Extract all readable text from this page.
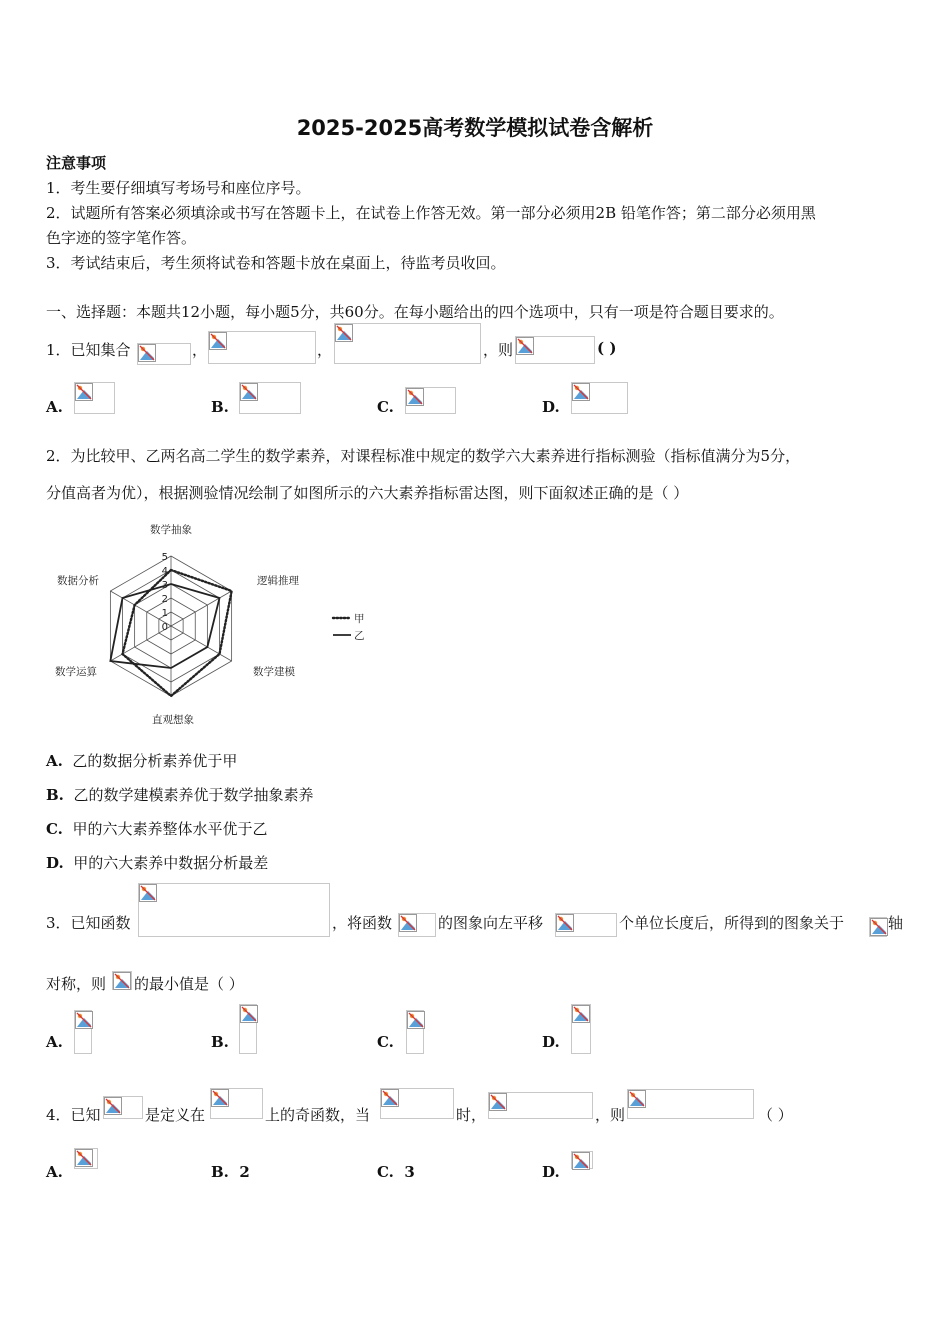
2025-2025高考数学模拟试卷含解析
注意事项
1．考生要仔细填写考场号和座位序号。
2．试题所有答案必须填涂或书写在答题卡上，在试卷上作答无效。第一部分必须用2B 铅笔作答；第二部分必须用黑
色字迹的签字笔作答。
3．考试结束后，考生须将试卷和答题卡放在桌面上，待监考员收回。
一、选择题：本题共12小题，每小题5分，共60分。在每小题给出的四个选项中，只有一项是符合题目要求的。
1．已知集合	，	，	，则	( )
A.	B.	C.	D.
2．为比较甲、乙两名高二学生的数学素养，对课程标准中规定的数学六大素养进行指标测验（指标值满分为5分，
分值高者为优），根据测验情况绘制了如图所示的六大素养指标雷达图，则下面叙述正确的是（ ）
0
1
2
3
4
5
数学抽象
逻辑推理
数学建模
直观想象
数学运算
数据分析
甲
乙
A. 乙的数据分析素养优于甲
B. 乙的数学建模素养优于数学抽象素养
C. 甲的六大素养整体水平优于乙
D. 甲的六大素养中数据分析最差
3．已知函数	，将函数	的图象向左平移	个单位长度后，所得到的图象关于	轴
对称，则 的最小值是（ ）
A.	B.	C.	D.
4．已知	是定义在	上的奇函数，当	时，	，则	（ ）
A.	B. 2	C. 3	D.
